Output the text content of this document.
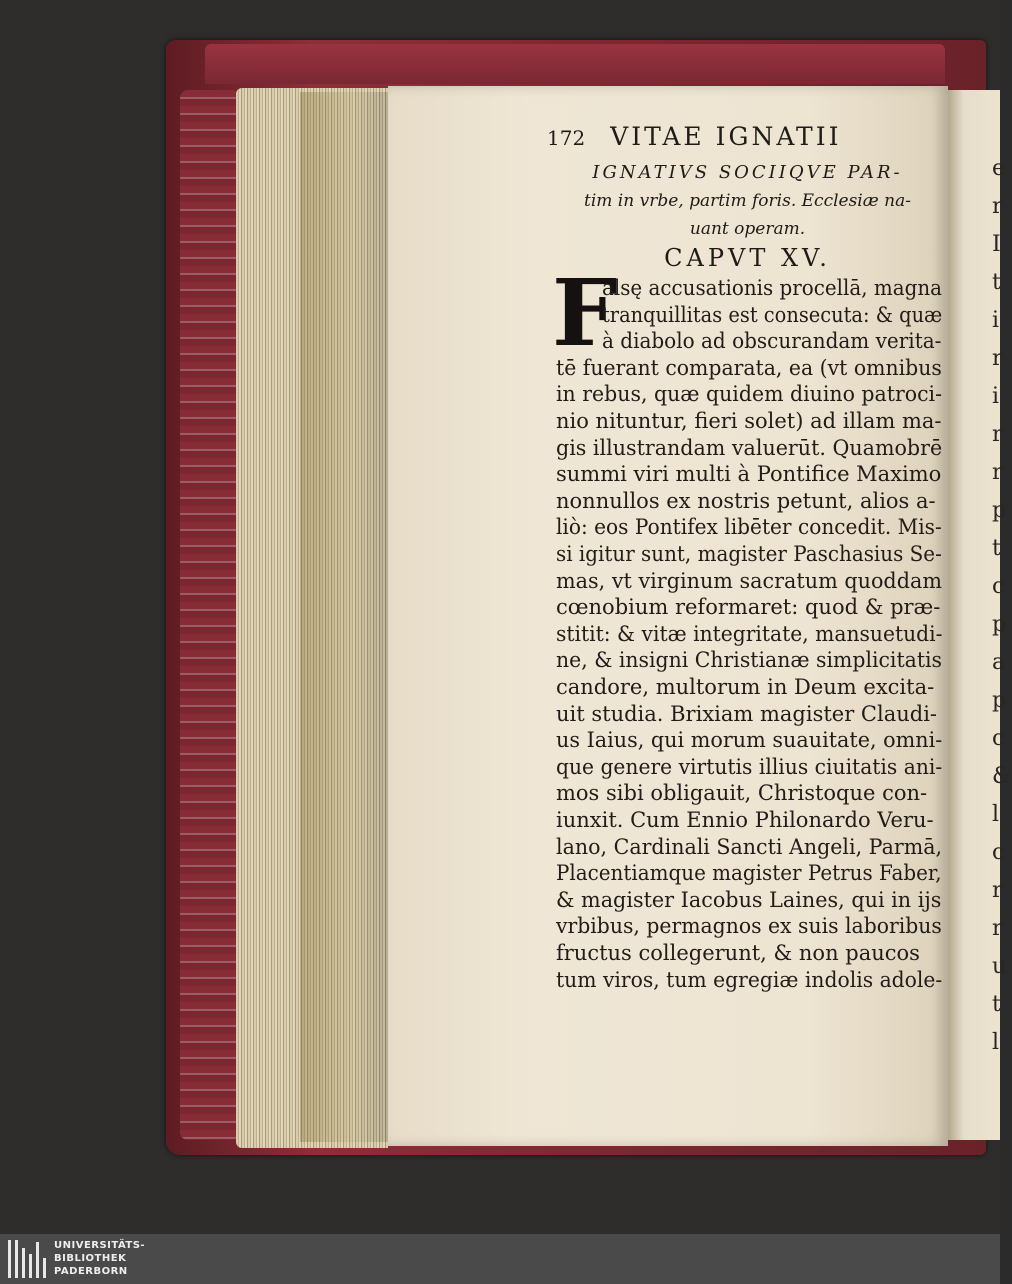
e
r
I
t
i
r
i
r
r
p
t
c
p
a
p
c
&
l
c
r
r
u
t
l
172 VITAE IGNATII
IGNATIVS SOCIIQVE PAR-
tim in vrbe, partim foris. Ecclesiæ na-
uant operam.
CAPVT XV.
F
alsę accusationis procellā, magna
tranquillitas est consecuta: & quæ
à diabolo ad obscurandam verita-
tē fuerant comparata, ea (vt omnibus
in rebus, quæ quidem diuino patroci-
nio nituntur, fieri solet) ad illam ma-
gis illustrandam valuerūt. Quamobrē
summi viri multi à Pontifice Maximo
nonnullos ex nostris petunt, alios a-
liò: eos Pontifex libēter concedit. Mis-
si igitur sunt, magister Paschasius Se-
mas, vt virginum sacratum quoddam
cœnobium reformaret: quod & præ-
stitit: & vitæ integritate, mansuetudi-
ne, & insigni Christianæ simplicitatis
candore, multorum in Deum excita-
uit studia. Brixiam magister Claudi-
us Iaius, qui morum suauitate, omni-
que genere virtutis illius ciuitatis ani-
mos sibi obligauit, Christoque con-
iunxit. Cum Ennio Philonardo Veru-
lano, Cardinali Sancti Angeli, Parmā,
Placentiamque magister Petrus Faber,
& magister Iacobus Laines, qui in ijs
vrbibus, permagnos ex suis laboribus
fructus collegerunt, & non paucos
tum viros, tum egregiæ indolis adole-
UNIVERSITÄTS-
BIBLIOTHEK
PADERBORN
